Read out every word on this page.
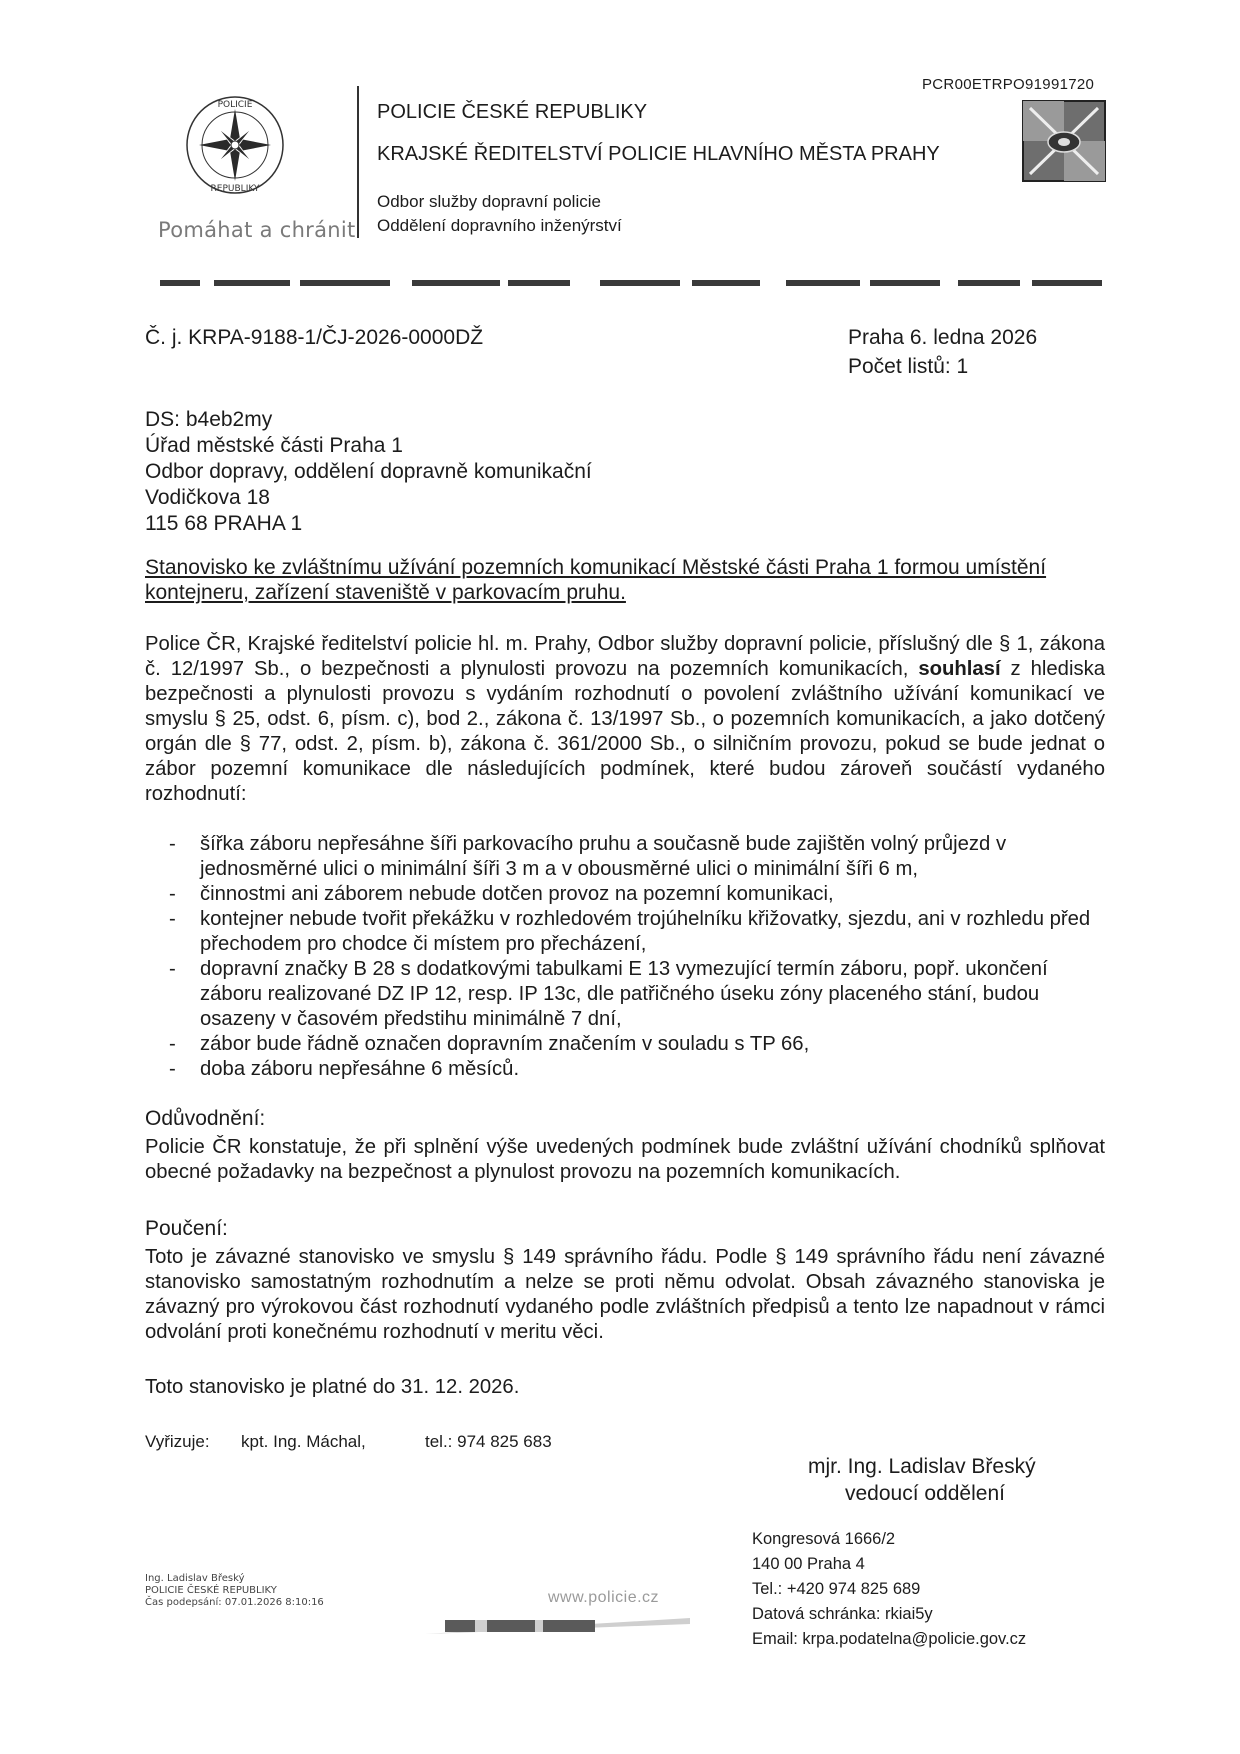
POLICIE
REPUBLIKY
Pomáhat a chránit
POLICIE ČESKÉ REPUBLIKY
KRAJSKÉ ŘEDITELSTVÍ POLICIE HLAVNÍHO MĚSTA PRAHY
Odbor služby dopravní policie
Oddělení dopravního inženýrství
PCR00ETRPO91991720
Č. j. KRPA-9188-1/ČJ-2026-0000DŽ	Praha 6. ledna 2026
Počet listů: 1
DS: b4eb2my
Úřad městské části Praha 1
Odbor dopravy, oddělení dopravně komunikační
Vodičkova 18
115 68 PRAHA 1
Stanovisko ke zvláštnímu užívání pozemních komunikací Městské části Praha 1 formou umístění kontejneru, zařízení staveniště v parkovacím pruhu.
Police ČR, Krajské ředitelství policie hl. m. Prahy, Odbor služby dopravní policie, příslušný dle § 1, zákona č. 12/1997 Sb., o bezpečnosti a plynulosti provozu na pozemních komunikacích, souhlasí z hlediska bezpečnosti a plynulosti provozu s vydáním rozhodnutí o povolení zvláštního užívání komunikací ve smyslu § 25, odst. 6, písm. c), bod 2., zákona č. 13/1997 Sb., o pozemních komunikacích, a jako dotčený orgán dle § 77, odst. 2, písm. b), zákona č. 361/2000 Sb., o silničním provozu, pokud se bude jednat o zábor pozemní komunikace dle následujících podmínek, které budou zároveň součástí vydaného rozhodnutí:
- šířka záboru nepřesáhne šíři parkovacího pruhu a současně bude zajištěn volný průjezd v jednosměrné ulici o minimální šíři 3 m a v obousměrné ulici o minimální šíři 6 m,
- činnostmi ani záborem nebude dotčen provoz na pozemní komunikaci,
- kontejner nebude tvořit překážku v rozhledovém trojúhelníku křižovatky, sjezdu, ani v rozhledu před přechodem pro chodce či místem pro přecházení,
- dopravní značky B 28 s dodatkovými tabulkami E 13 vymezující termín záboru, popř. ukončení záboru realizované DZ IP 12, resp. IP 13c, dle patřičného úseku zóny placeného stání, budou osazeny v časovém předstihu minimálně 7 dní,
- zábor bude řádně označen dopravním značením v souladu s TP 66,
- doba záboru nepřesáhne 6 měsíců.
Odůvodnění:
Policie ČR konstatuje, že při splnění výše uvedených podmínek bude zvláštní užívání chodníků splňovat obecné požadavky na bezpečnost a plynulost provozu na pozemních komunikacích.
Poučení:
Toto je závazné stanovisko ve smyslu § 149 správního řádu. Podle § 149 správního řádu není závazné stanovisko samostatným rozhodnutím a nelze se proti němu odvolat. Obsah závazného stanoviska je závazný pro výrokovou část rozhodnutí vydaného podle zvláštních předpisů a tento lze napadnout v rámci odvolání proti konečnému rozhodnutí v meritu věci.
Toto stanovisko je platné do 31. 12. 2026.
Vyřizuje: kpt. Ing. Máchal,	tel.: 974 825 683
mjr. Ing. Ladislav Břeský
vedoucí oddělení
Kongresová 1666/2
140 00 Praha 4
Tel.: +420 974 825 689
Datová schránka: rkiai5y
Email: krpa.podatelna@policie.gov.cz
Ing. Ladislav Břeský
POLICIE ČESKÉ REPUBLIKY
Čas podepsání: 07.01.2026 8:10:16	www.policie.cz
